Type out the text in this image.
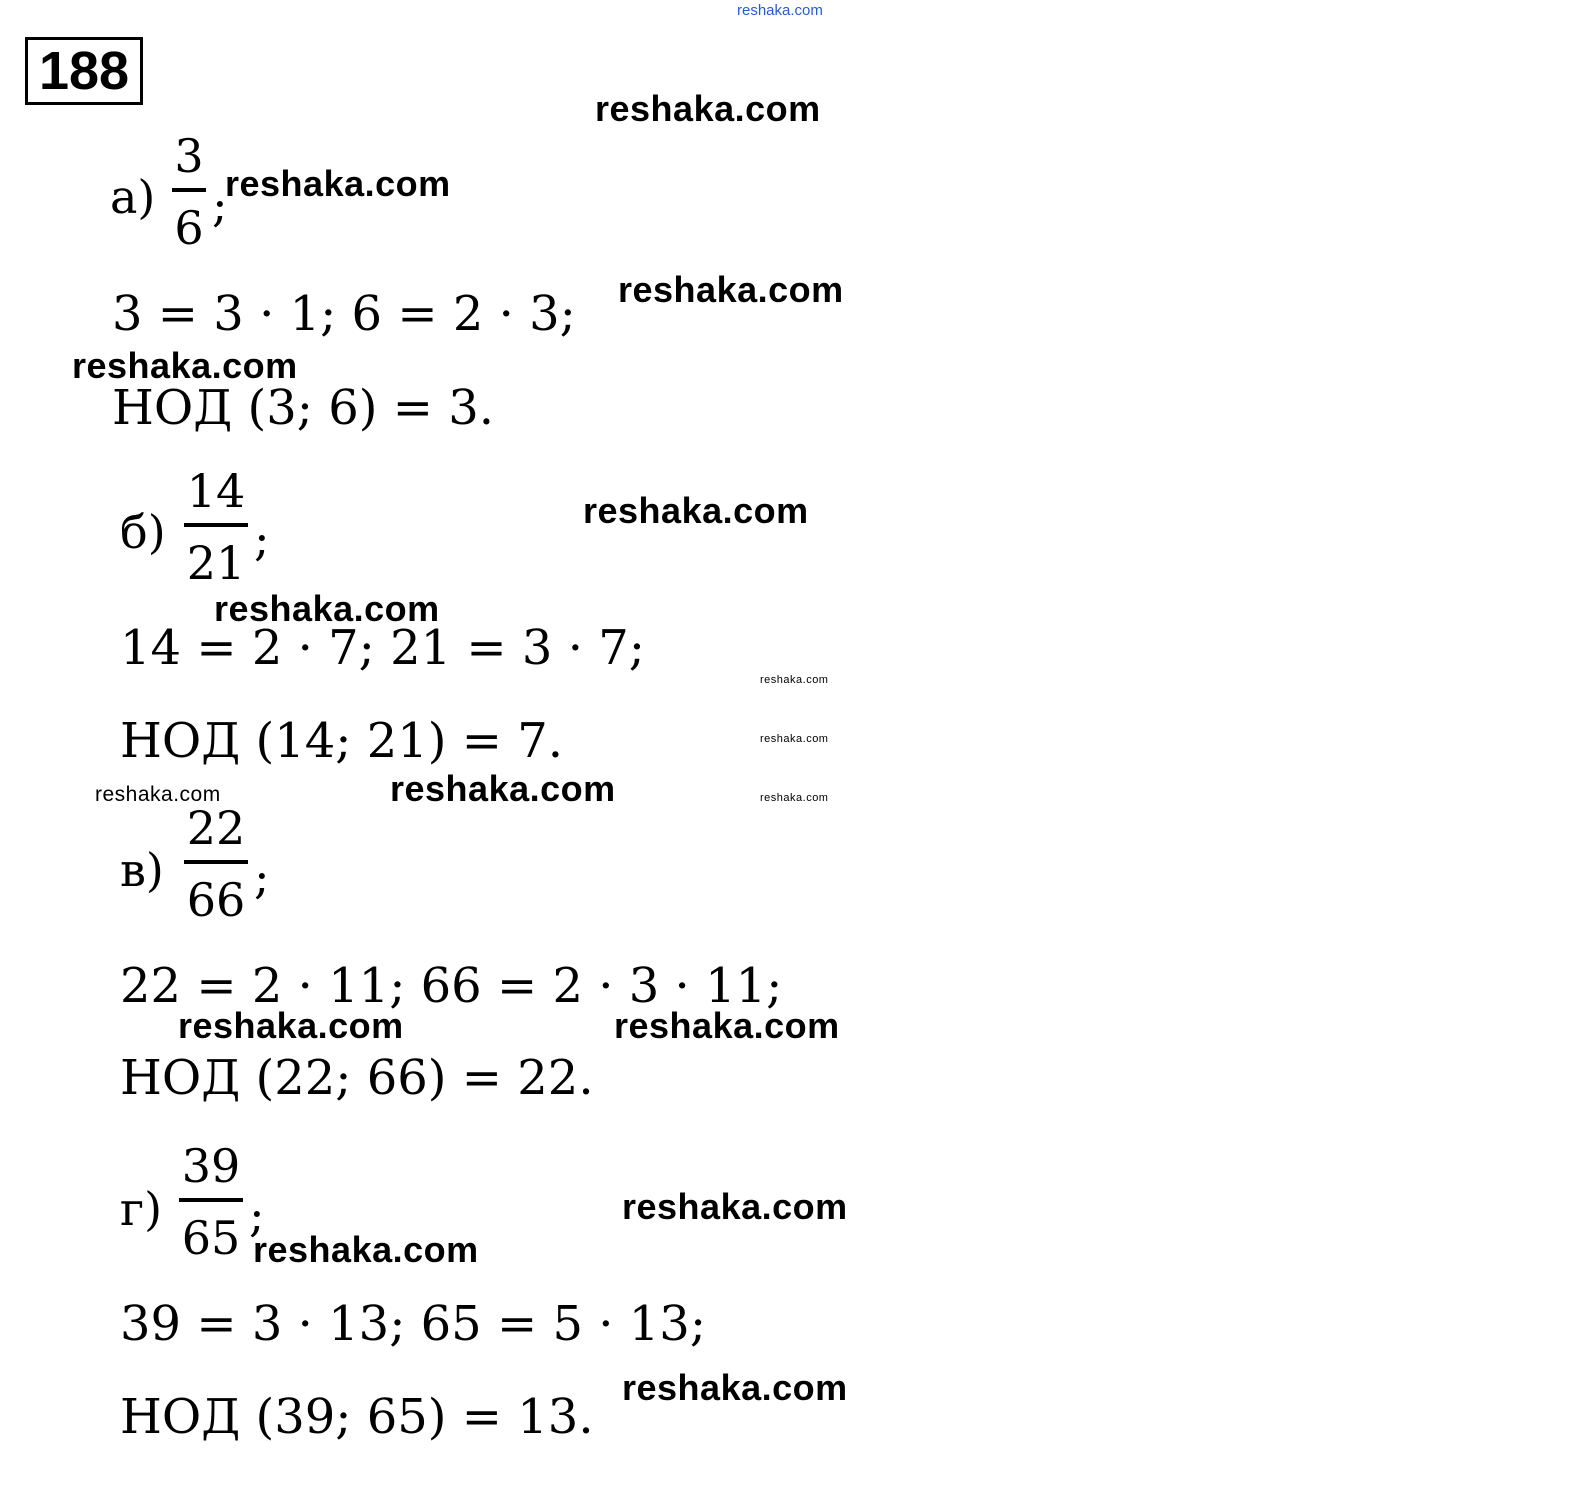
reshaka.com
reshaka.com
reshaka.com
reshaka.com
reshaka.com
reshaka.com
reshaka.com
reshaka.com
reshaka.com
reshaka.com
reshaka.com	reshaka.com
reshaka.com	reshaka.com
reshaka.com
reshaka.com
reshaka.com
188
а)
3
6 ;
3 = 3 · 1; 6 = 2 · 3;
НОД (3; 6) = 3.
б)
14
21 ;
14 = 2 · 7; 21 = 3 · 7;
НОД (14; 21) = 7.
в)
22
66 ;
22 = 2 · 11; 66 = 2 · 3 · 11;
НОД (22; 66) = 22.
г)
39
65 ;
39 = 3 · 13; 65 = 5 · 13;
НОД (39; 65) = 13.
